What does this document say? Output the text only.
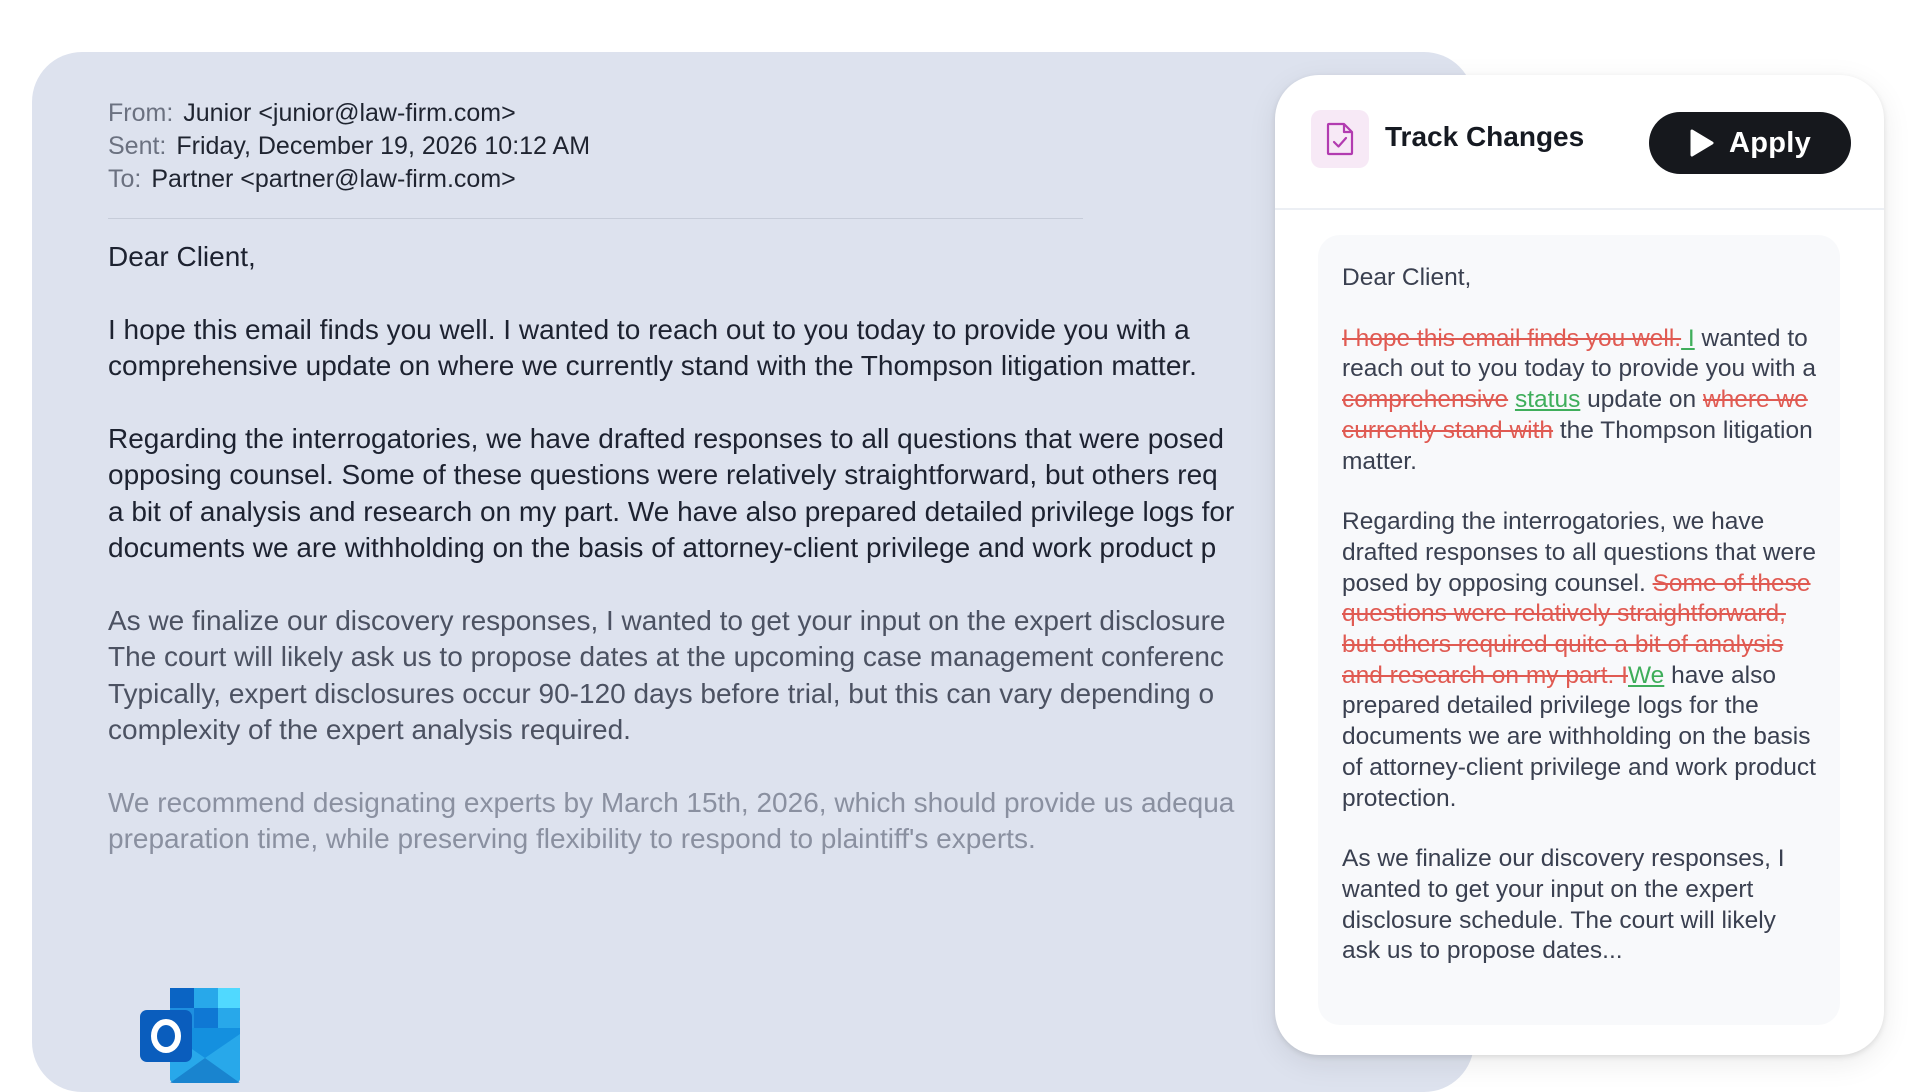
From: Junior <junior@law-firm.com>
Sent: Friday, December 19, 2026 10:12 AM
To: Partner <partner@law-firm.com>
Dear Client,
I hope this email finds you well. I wanted to reach out to you today to provide you with a
comprehensive update on where we currently stand with the Thompson litigation matter.
Regarding the interrogatories, we have drafted responses to all questions that were posed
opposing counsel. Some of these questions were relatively straightforward, but others req
a bit of analysis and research on my part. We have also prepared detailed privilege logs for
documents we are withholding on the basis of attorney-client privilege and work product p
As we finalize our discovery responses, I wanted to get your input on the expert disclosure
The court will likely ask us to propose dates at the upcoming case management conferenc
Typically, expert disclosures occur 90-120 days before trial, but this can vary depending o
complexity of the expert analysis required.
We recommend designating experts by March 15th, 2026, which should provide us adequa
preparation time, while preserving flexibility to respond to plaintiff's experts.
Track Changes	Apply

Dear Client,

I hope this email finds you well. I wanted to reach out to you today to provide you with a comprehensive status update on where we currently stand with the Thompson litigation matter.

Regarding the interrogatories, we have drafted responses to all questions that were posed by opposing counsel. Some of these questions were relatively straightforward, but others required quite a bit of analysis and research on my part. IWe have also prepared detailed privilege logs for the documents we are withholding on the basis of attorney-client privilege and work product protection.

As we finalize our discovery responses, I wanted to get your input on the expert disclosure schedule. The court will likely ask us to propose dates...
